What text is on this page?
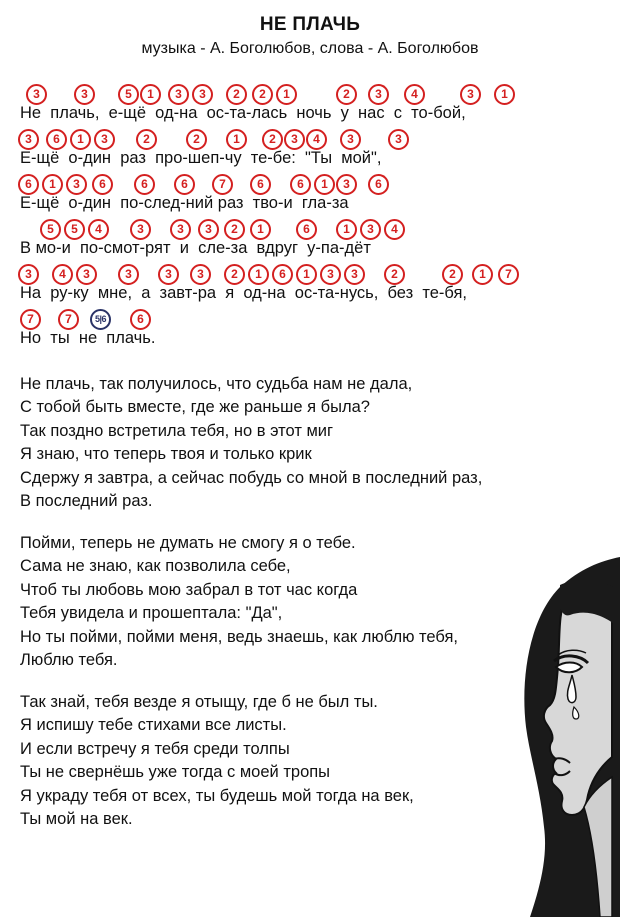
НЕ ПЛАЧЬ
музыка - А. Боголюбов, слова - А. Боголюбов
3	3	5	1	3	3	2	2	1	2	3	4	3	1
Не  плачь,  е-щё  од-на  ос-та-лась  ночь  у  нас  с  то-бой,
3	6	1	3	2	2	1	2	3	4	3	3
Е-щё  о-дин  раз  про-шеп-чу  те-бе:  "Ты  мой",
6	1	3	6	6	6	7	6	6	1	3	6
Е-щё  о-дин  по-след-ний раз  тво-и  гла-за
5	5	4	3	3	3	2	1	6	1	3	4
В мо-и  по-смот-рят  и  сле-за  вдруг  у-па-дёт
3	4	3	3	3	3	2	1	6	1	3	3	2	2	1	7
На  ру-ку  мне,  а  завт-ра  я  од-на  ос-та-нусь,  без  те-бя,
7	7	5|6	6
Но  ты  не  плачь.
Не плачь, так получилось, что судьба нам не дала,
С тобой быть вместе, где же раньше я была?
Так поздно встретила тебя, но в этот миг
Я знаю, что теперь твоя и только крик
Сдержу я завтра, а сейчас побудь со мной в последний раз,
В последний раз.
Пойми, теперь не думать не смогу я о тебе.
Сама не знаю, как позволила себе,
Чтоб ты любовь мою забрал в тот час когда
Тебя увидела и прошептала: "Да",
Но ты пойми, пойми меня, ведь знаешь, как люблю тебя,
Люблю тебя.
Так знай, тебя везде я отыщу, где б не был ты.
Я испишу тебе стихами все листы.
И если встречу я тебя среди толпы
Ты не свернёшь уже тогда с моей тропы
Я украду тебя от всех, ты будешь мой тогда на век,
Ты мой на век.
